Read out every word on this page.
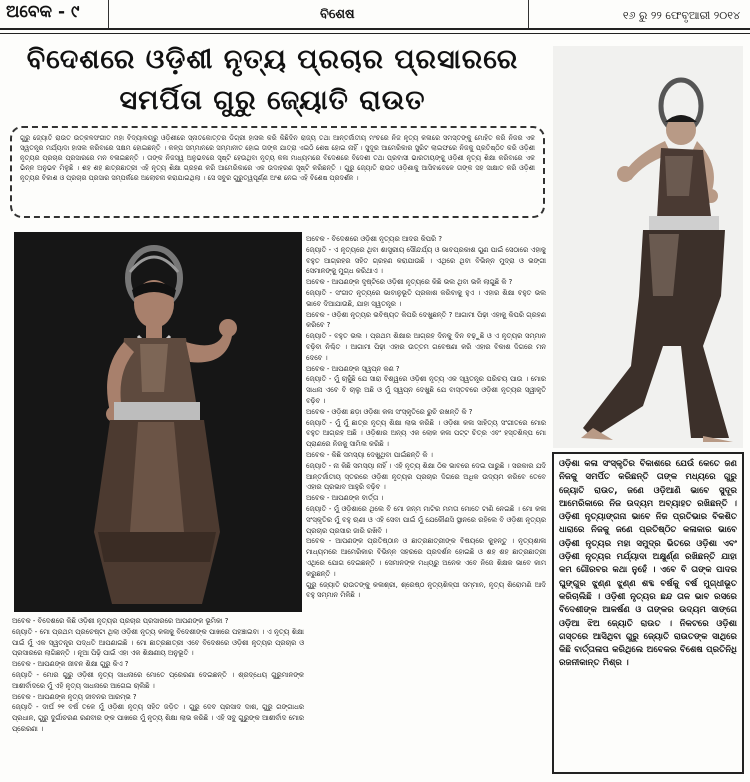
ଅବେକ - ୯	ବିଶେଷ	୧୬ ରୁ ୨୨ ଫେବୃଆରୀ ୨୦୧୪
ବିଦେଶରେ ଓଡ଼ିଶୀ ନୃତ୍ୟ ପ୍ରଚାର ପ୍ରସାରରେ
ସମର୍ପିତା ଗୁରୁ ଜ୍ୟୋତି ରାଉତ
ଗୁରୁ ଜ୍ୟୋତି ରାଉତ ଉତ୍କଳସଂଗୀତ ମହା ବିଦ୍ୟାଳୟରୁ ଓଡ଼ିଶୀରେ ସ୍ନାତକୋତ୍ତର ଡିଗ୍ରୀ ହାସଲ କରି କିଛିଦିନ ରାଜ୍ୟ ତଥା ଆନ୍ତର୍ଜାତୀୟ ମଂଚରେ ନିଜ ନୃତ୍ୟ କଳାରେ ସମସ୍ତଙ୍କୁ ମୋହିତ କରି ନିଜର ଏକ ସ୍ୱତନ୍ତ୍ର ମର୍ଯ୍ୟାଦା ହାସଲ କରିବାରେ ସକ୍ଷମ ହୋଇଛନ୍ତି । କଳ୍ପ ସମ୍ମାନରେ ସମ୍ମାନୀତ ହୋଇ ତାଙ୍କ ଯାତ୍ରା ଏଇଠି ଶେଷ ହୋଇ ନାହିଁ । ସୁଦୂର ଆମେରିକାର ସ୍ପ୍ରିଟ ଲାଇଫରେ ନିଜକୁ ପ୍ରତିଷ୍ଠିତ କରି ଓଡ଼ିଶୀ ନୃତ୍ୟର ପ୍ରଚାର ପ୍ରସାରରେ ମନ ବଳାଇଛନ୍ତି । ତାଙ୍କ ନିଜସ୍ୱ ଅନୁଭବରେ ସୃଷ୍ଟି ହେଉଥିବା ନୃତ୍ୟ କଳା ମାଧ୍ୟମରେ ବିଦେଶରେ ବିଦେଶୀ ତଥା ପ୍ରବାସୀ ଭାରତୀୟଙ୍କୁ ଓଡ଼ିଶୀ ନୃତ୍ୟ ଶିକ୍ଷା କରିବାରେ ଏକ ଭିନ୍ନ ଅନୁଭବ ମିଳୁଛି । ଶହ ଶହ ଛାତ୍ରଛାତ୍ରୀ ଏହି ନୃତ୍ୟ ଶିକ୍ଷା ଗ୍ରହଣ କରି ଆମେରିକାରେ ଏକ ଉଦାହରଣ ସୃଷ୍ଟି କରିଛନ୍ତି । ଗୁରୁ ଜ୍ୟୋତି ରାଉତ ଓଡ଼ିଶାକୁ ଆସିବାବେଳେ ତାଙ୍କ ସହ ସାକ୍ଷାତ କରି ଓଡ଼ିଶୀ ନୃତ୍ୟର ବିକାଶ ଓ ପ୍ରଚାର ପ୍ରସାର ସମ୍ପର୍କରେ ଅଲୋଚନା କରାଯାଇଥିଲା । ସେ ସବୁର ଗୁରୁତ୍ୱପୂର୍ଣ୍ଣ ଅଂଶ ନେଇ ଏହି ବିଶେଷ ପ୍ରଦର୍ଶନ ।

ଅବେକ - ବିଦେଶରେ ଓଡ଼ିଶୀ ନୃତ୍ୟର ଆଦର କିପରି ?

ଜ୍ୟୋତି - ଏ ନୃତ୍ୟରେ ଥିବା ଶାସ୍ତ୍ରୀୟ ସୌନ୍ଦର୍ଯ୍ୟ ଓ ଭାବପ୍ରକାଶ ଗୁଣ ପାଇଁ ସେଠାରେ ଏହାକୁ ବହୁତ ଆଗ୍ରହର ସହିତ ଗ୍ରହଣ କରାଯାଉଛି । ଏଥିରେ ଥିବା ବିଭିନ୍ନ ମୁଦ୍ରା ଓ ଭଙ୍ଗୀ ସେମାନଙ୍କୁ ମୁଗ୍ଧ କରିଥାଏ ।

ଅବେକ - ଆପଣଙ୍କ ଦୃଷ୍ଟିରେ ଓଡ଼ିଶୀ ନୃତ୍ୟରେ କିଛି ଭଲ ଥିବା ଭଳି ଲାଗୁଛି କି ?

ଜ୍ୟୋତି - ସଂଗୀତ ନୃତ୍ୟରେ ଭାବାନୁଭୂତି ପ୍ରକାଶ କରିବାକୁ ହୁଏ । ଏହାର ଶିକ୍ଷା ବହୁତ ଭଲ ଭାବେ ଦିଆଯାଉଛି, ଯାହା ସ୍ୱତନ୍ତ୍ର ।

ଅବେକ - ଓଡ଼ିଶୀ ନୃତ୍ୟର ଭବିଷ୍ୟତ କିପରି ଦେଖୁଛନ୍ତି ? ଆଗାମୀ ପିଢ଼ୀ ଏହାକୁ କିପରି ଗ୍ରହଣ କରିବେ ?

ଜ୍ୟୋତି - ବହୁତ ଭଲ । ପ୍ରଥମ ଶିକ୍ଷାର ଆଗ୍ରହ ଦିନକୁ ଦିନ ବଢ଼ୁଛି ଓ ଏ ନୃତ୍ୟର ସମ୍ମାନ ବଢ଼ିବା ନିଶ୍ଚିତ । ଆଗାମୀ ପିଢ଼ୀ ଏହାର ଉତ୍ତମ ଗବେଷଣା କରି ଏହାର ବିକାଶ ଦିଗରେ ମନ ଦେବେ ।

ଅବେକ - ଆପଣଙ୍କ ସ୍ୱପ୍ନ କଣ ?

ଜ୍ୟୋତି - ମୁଁ ଚାହୁଁଛି ଯେ ସାରା ବିଶ୍ୱରେ ଓଡ଼ିଶୀ ନୃତ୍ୟ ଏକ ସ୍ୱତନ୍ତ୍ର ପରିଚୟ ପାଉ । ମୋର ସାଧନା ଏବେ ବି ଚାଲୁ ଅଛି ଓ ମୁଁ ସ୍ୱପ୍ନ ଦେଖୁଛି ଯେ ବାସ୍ତବରେ ଓଡ଼ିଶୀ ନୃତ୍ୟର ସ୍ୱୀକୃତି ବଢ଼ିବ ।

ଅବେକ - ଓଡ଼ିଶୀ ଛଡ଼ା ଓଡ଼ିଶା କଳା ସଂସ୍କୃତିରେ ରୁଚି ରଖନ୍ତି କି ?

ଜ୍ୟୋତି - ମୁଁ ମୁଁ ଛାତ୍ର ନୃତ୍ୟ ଶିକ୍ଷା ଲାଭ କରିଛି । ଓଡ଼ିଶା କଳା ସାହିତ୍ୟ ସଂଗୀତରେ ମୋର ବହୁତ ଆଗ୍ରହ ଅଛି । ଓଡ଼ିଶାର ଅନ୍ୟ ଏକ ଲୋକ କଳା ପଟ୍ଟ ଚିତ୍ର ଏବଂ ହସ୍ତଶିଳ୍ପ ମୋ ପ୍ରାଣରେ ନିଜକୁ ସାମିଲ କରିଛି ।

ଅବେକ - କିଛି ସମସ୍ୟା ଦେଖୁଥିବା ପାଇଁଛନ୍ତି କି ।

ଜ୍ୟୋତି - ନା କିଛି ସମସ୍ୟା ନାହିଁ । ଏହି ନୃତ୍ୟ ଶିକ୍ଷା ଠିକ ଭାବରେ ଦେଇ ପାରୁଛି । ସରକାର ଯଦି ଆନ୍ତର୍ଜାତୀୟ ସ୍ତରରେ ଓଡ଼ିଶୀ ନୃତ୍ୟର ପ୍ରଚାର ଦିଗରେ ଅଧିକ ଉଦ୍ୟମ କରିବେ ତେବେ ଏହାର ପ୍ରଭାବ ଆହୁରି ବଢ଼ିବ ।

ଅବେକ - ଆପଣଙ୍କ ବାର୍ତ୍ତା ।

ଜ୍ୟୋତି - ମୁଁ ଓଡ଼ିଶାରେ ଥିଲେ ବି ମୋ ଜନ୍ମ ମାଟିର ମମତା ମୋତେ ଟାଣି ନେଇଛି । ମୋ କଳା ସଂସ୍କୃତିର ମୁଁ ବହୁ ଋଣୀ ଓ ଏହି ସେବା ପାଇଁ ମୁଁ ଯେକୌଣସି ସ୍ଥାନରେ ରହିଲେ ବି ଓଡ଼ିଶୀ ନୃତ୍ୟର ପ୍ରଚାର ପ୍ରସାର ଜାରି ରଖିବି ।

ଅବେକ - ଆପଣଙ୍କ ପ୍ରତିଷ୍ଠାନ ଓ ଛାତ୍ରଛାତ୍ରୀଙ୍କ ବିଷୟରେ କୁହନ୍ତୁ । ନୃତ୍ୟଶାଳା ମାଧ୍ୟମରେ ଆମେରିକାର ବିଭିନ୍ନ ସହରରେ ପ୍ରଦର୍ଶନ ହୋଇଛି ଓ ଶହ ଶହ ଛାତ୍ରଛାତ୍ରୀ ଏଥିରେ ଯୋଗ ଦେଇଛନ୍ତି । ସେମାନଙ୍କ ମଧ୍ୟରୁ ଅନେକ ଏବେ ନିଜେ ଶିକ୍ଷକ ଭାବେ କାମ କରୁଛନ୍ତି ।

ଗୁରୁ ଜ୍ୟୋତି ରାଉତଙ୍କୁ କଳାଶ୍ରୀ, ଶ୍ରେଷ୍ଠ ନୃତ୍ୟଶିଳ୍ପୀ ସମ୍ମାନ, ନୃତ୍ୟ ଶିରୋମଣି ଆଦି ବହୁ ସମ୍ମାନ ମିଳିଛି ।

ଅବେକ - ବିଦେଶରେ କିଛି ଓଡ଼ିଶୀ ନୃତ୍ୟର ପ୍ରଚାର ପ୍ରସାରରେ ଆପଣଙ୍କ ଭୂମିକା ?

ଜ୍ୟୋତି - ମୋ ପ୍ରଥମ ପ୍ରଚେଷ୍ଟା ଥିଲା ଓଡ଼ିଶୀ ନୃତ୍ୟ କଳାକୁ ବିଦେଶୀଙ୍କ ପାଖରେ ପହଞ୍ଚାଇବା । ଏ ନୃତ୍ୟ ଶିକ୍ଷା ପାଇଁ ମୁଁ ଏକ ସ୍ୱତନ୍ତ୍ର ପଦ୍ଧତି ଆପଣାଇଛି । ମୋ ଛାତ୍ରଛାତ୍ରୀ ଏବେ ବିଦେଶରେ ଓଡ଼ିଶୀ ନୃତ୍ୟର ପ୍ରଚାର ଓ ପ୍ରସାରରେ ଲାଗିଛନ୍ତି । ନୂଆ ପିଢ଼ି ପାଇଁ ଏହା ଏକ ଶିକ୍ଷଣୀୟ ଅନୁଭୂତି ।

ଅବେକ - ଆପଣଙ୍କ ଜୀବନ ଶିକ୍ଷା ଗୁରୁ କିଏ ?

ଜ୍ୟୋତି - ମୋର ଗୁରୁ ଓଡ଼ିଶୀ ନୃତ୍ୟ ସାଧନାରେ ମୋତେ ପ୍ରେରଣା ଦେଇଛନ୍ତି । ଶ୍ରଦ୍ଧେୟ ଗୁରୁମାନଙ୍କ ଆଶୀର୍ବାଦରେ ମୁଁ ଏହି ନୃତ୍ୟ ସାଧନାରେ ଆଗେଇ ଚାଲିଛି ।

ଅବେକ - ଆପଣଙ୍କ ନୃତ୍ୟ ଜୀବନର ଆରମ୍ଭ ?

ଜ୍ୟୋତି - ଦାର୍ଘ ୨୧ ବର୍ଷ ତଳେ ମୁଁ ଓଡ଼ିଶୀ ନୃତ୍ୟ ସହିତ ଜଡ଼ିତ । ଗୁରୁ ଦେବ ପ୍ରସାଦ ଦାଶ, ଗୁରୁ ଗଙ୍ଗାଧର ପ୍ରଧାନ, ଗୁରୁ ଦୁର୍ଗାଚରଣ ରଣବୀର ଙ୍କ ପାଖରେ ମୁଁ ନୃତ୍ୟ ଶିକ୍ଷା ଲାଭ କରିଛି । ଏହି ସବୁ ଗୁରୁଙ୍କ ଆଶୀର୍ବାଦ ମୋର ପ୍ରେରଣା ।

ଓଡ଼ିଶା କଳା ସଂସ୍କୃତିର ବିକାଶରେ ଯେଉଁ କେତେ ଜଣ ନିଜକୁ ସମର୍ପିତ କରିଛନ୍ତି ତାଙ୍କ ମଧ୍ୟରେ ଗୁରୁ ଜ୍ୟୋତି ରାଉତ, ଜଣେ ଓଡ଼ିଆଣି ଭାବେ ସୁଦୂର ଆମେରିକାରେ ନିଜ ଉଦ୍ୟମ ଅବ୍ୟାହତ ରଖିଛନ୍ତି । ଓଡ଼ିଶୀ ନୃତ୍ୟାଙ୍ଗନା ଭାବେ ନିଜ ପ୍ରତିଭାର ବିକଶିତ ଧାରାରେ ନିଜକୁ ଜଣେ ପ୍ରତିଷ୍ଠିତ କଳାକାର ଭାବେ ଓଡ଼ିଶୀ ନୃତ୍ୟର ମହା ସମୁଦ୍ର ଭିତରେ ଓଡ଼ିଶା ଏବଂ ଓଡ଼ିଶୀ ନୃତ୍ୟର ମର୍ଯ୍ୟାଦା ଅକ୍ଷୁର୍ଣ୍ଣ ରଖିଛନ୍ତି ଯାହା କମ ଗୌରବର କଥା ନୁହେଁ । ଏବେ ବି ତାଙ୍କ ପାଦର ଘୁଙ୍ଗୁର ଝୁଣ୍ଣ ଝୁଣ୍ଣ ଶବ୍ଦ ବର୍ଷକୁ ବର୍ଷ ମୁଗ୍ଧୀଭୂତ କରିଚାଲିଛି । ଓଡ଼ିଶୀ ନୃତ୍ୟର ଛନ୍ଦ ତାଳ ଭାବ ରସରେ ବିଦେଶୀଙ୍କ ଆକର୍ଷଣ ଓ ତାଙ୍କର ଉଦ୍ୟମ ସାଙ୍ଗେ ଓଡ଼ିଆ ଝିଅ ଜ୍ୟୋତି ରାଉତ । ନିକଟରେ ଓଡ଼ିଶା ଗସ୍ତରେ ଆସିଥିବା ଗୁରୁ ଜ୍ୟୋତି ରାଉତଙ୍କ ସାଥିରେ କିଛି ବାର୍ତ୍ତାଳାପ କରିଥିଲେ ଅବେକର ବିଶେଷ ପ୍ରତିନିଧି ରଜନୀକାନ୍ତ ମିଶ୍ର ।
